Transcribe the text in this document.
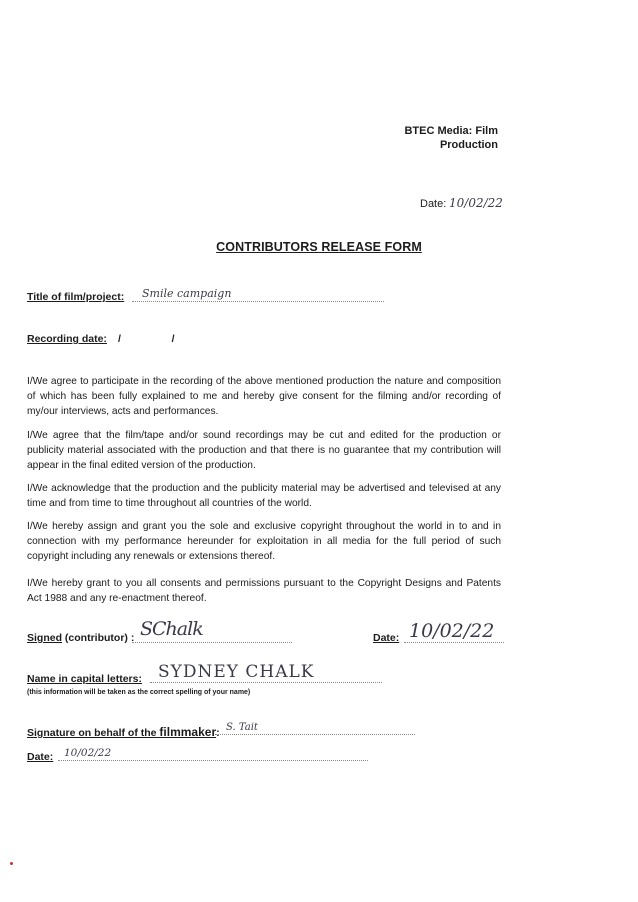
BTEC Media: Film
Production
Date: 10/02/22
CONTRIBUTORS RELEASE FORM
Title of film/project: Smile campaign
Recording date: /   /
I/We agree to participate in the recording of the above mentioned production the nature and composition of which has been fully explained to me and hereby give consent for the filming and/or recording of my/our interviews, acts and performances.
I/We agree that the film/tape and/or sound recordings may be cut and edited for the production or publicity material associated with the production and that there is no guarantee that my contribution will appear in the final edited version of the production.
I/We acknowledge that the production and the publicity material may be advertised and televised at any time and from time to time throughout all countries of the world.
I/We hereby assign and grant you the sole and exclusive copyright throughout the world in to and in connection with my performance hereunder for exploitation in all media for the full period of such copyright including any renewals or extensions thereof.
I/We hereby grant to you all consents and permissions pursuant to the Copyright Designs and Patents Act 1988 and any re-enactment thereof.
Signed (contributor) : SChalk	Date: 10/02/22
Name in capital letters: SYDNEY CHALK
(this information will be taken as the correct spelling of your name)
Signature on behalf of the filmmaker: S. Tait
Date: 10/02/22
